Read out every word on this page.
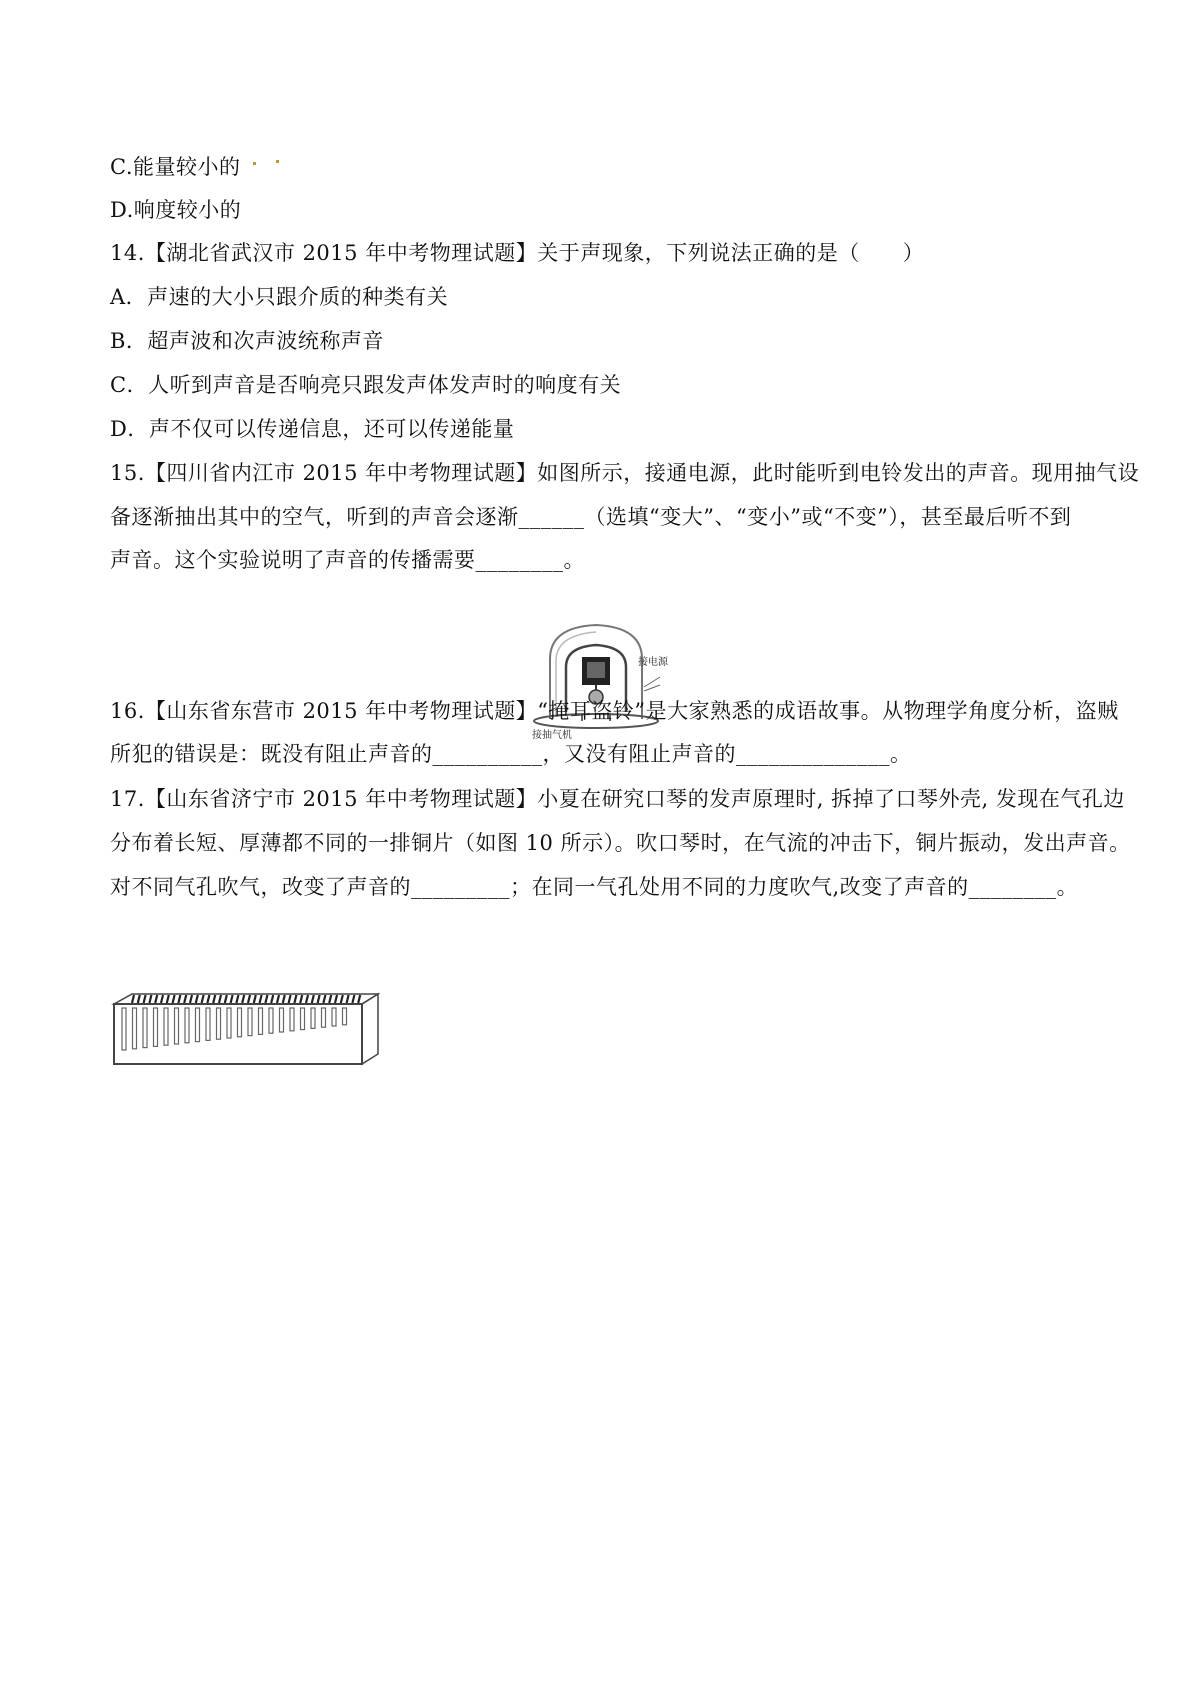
C.能量较小的
D.响度较小的
14.【湖北省武汉市 2015 年中考物理试题】关于声现象，下列说法正确的是（　　）
A．声速的大小只跟介质的种类有关
B．超声波和次声波统称声音
C．人听到声音是否响亮只跟发声体发声时的响度有关
D．声不仅可以传递信息，还可以传递能量
15.【四川省内江市 2015 年中考物理试题】如图所示，接通电源，此时能听到电铃发出的声音。现用抽气设
备逐渐抽出其中的空气，听到的声音会逐渐______（选填“变大”、“变小”或“不变”），甚至最后听不到
声音。这个实验说明了声音的传播需要________。
接电源
接抽气机
16.【山东省东营市 2015 年中考物理试题】“掩耳盗铃”是大家熟悉的成语故事。从物理学角度分析，盗贼
所犯的错误是：既没有阻止声音的__________，又没有阻止声音的______________。
17.【山东省济宁市 2015 年中考物理试题】小夏在研究口琴的发声原理时, 拆掉了口琴外壳, 发现在气孔边
分布着长短、厚薄都不同的一排铜片（如图 10 所示）。吹口琴时，在气流的冲击下，铜片振动，发出声音。
对不同气孔吹气，改变了声音的_________；在同一气孔处用不同的力度吹气,改变了声音的________。
